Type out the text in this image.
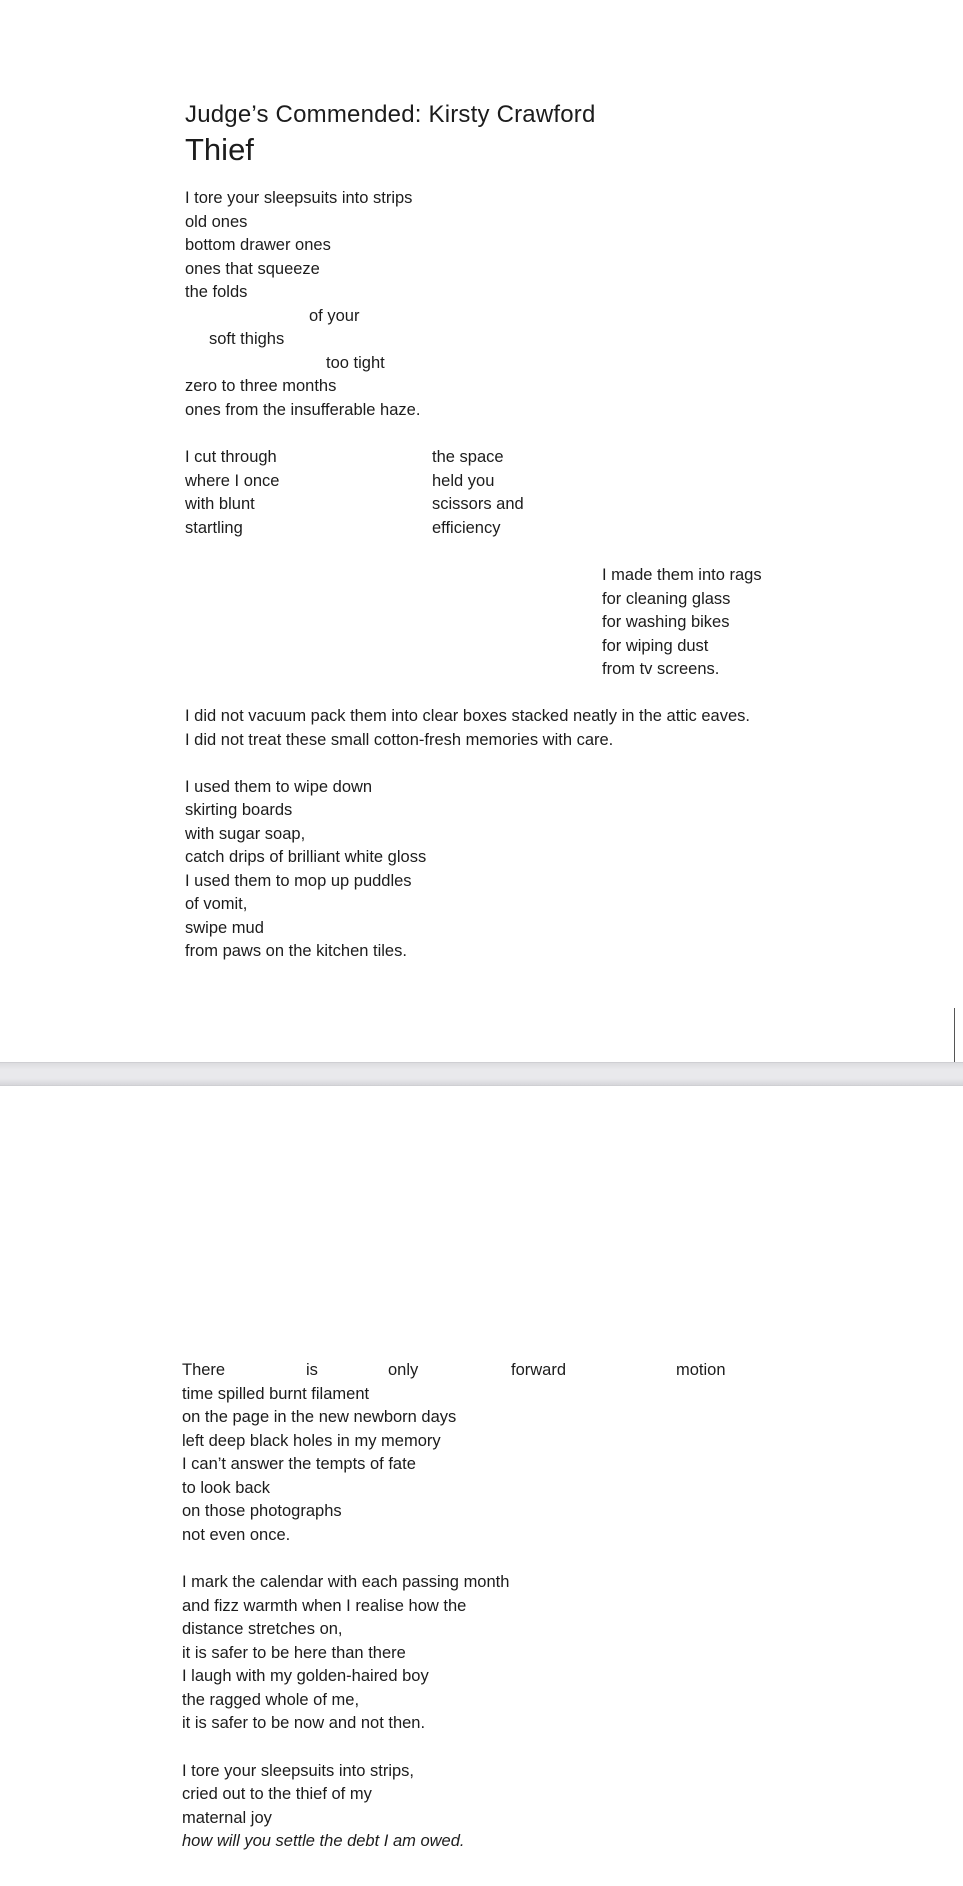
Judge’s Commended: Kirsty Crawford
Thief

I tore your sleepsuits into strips

old ones

bottom drawer ones

ones that squeeze

the folds

of your

soft thighs

too tight

zero to three months

ones from the insufferable haze.

I cut through

where I once

with blunt

startling

the space

held you

scissors and

efficiency

I made them into rags

for cleaning glass

for washing bikes

for wiping dust

from tv screens.

I did not vacuum pack them into clear boxes stacked neatly in the attic eaves.

I did not treat these small cotton-fresh memories with care.

I used them to wipe down

skirting boards

with sugar soap,

catch drips of brilliant white gloss

I used them to mop up puddles

of vomit,

swipe mud

from paws on the kitchen tiles.

There	is	only	forward	motion

time spilled burnt filament

on the page in the new newborn days

left deep black holes in my memory

I can’t answer the tempts of fate

to look back

on those photographs

not even once.

I mark the calendar with each passing month

and fizz warmth when I realise how the

distance stretches on,

it is safer to be here than there

I laugh with my golden-haired boy

the ragged whole of me,

it is safer to be now and not then.

I tore your sleepsuits into strips,

cried out to the thief of my

maternal joy

how will you settle the debt I am owed.
